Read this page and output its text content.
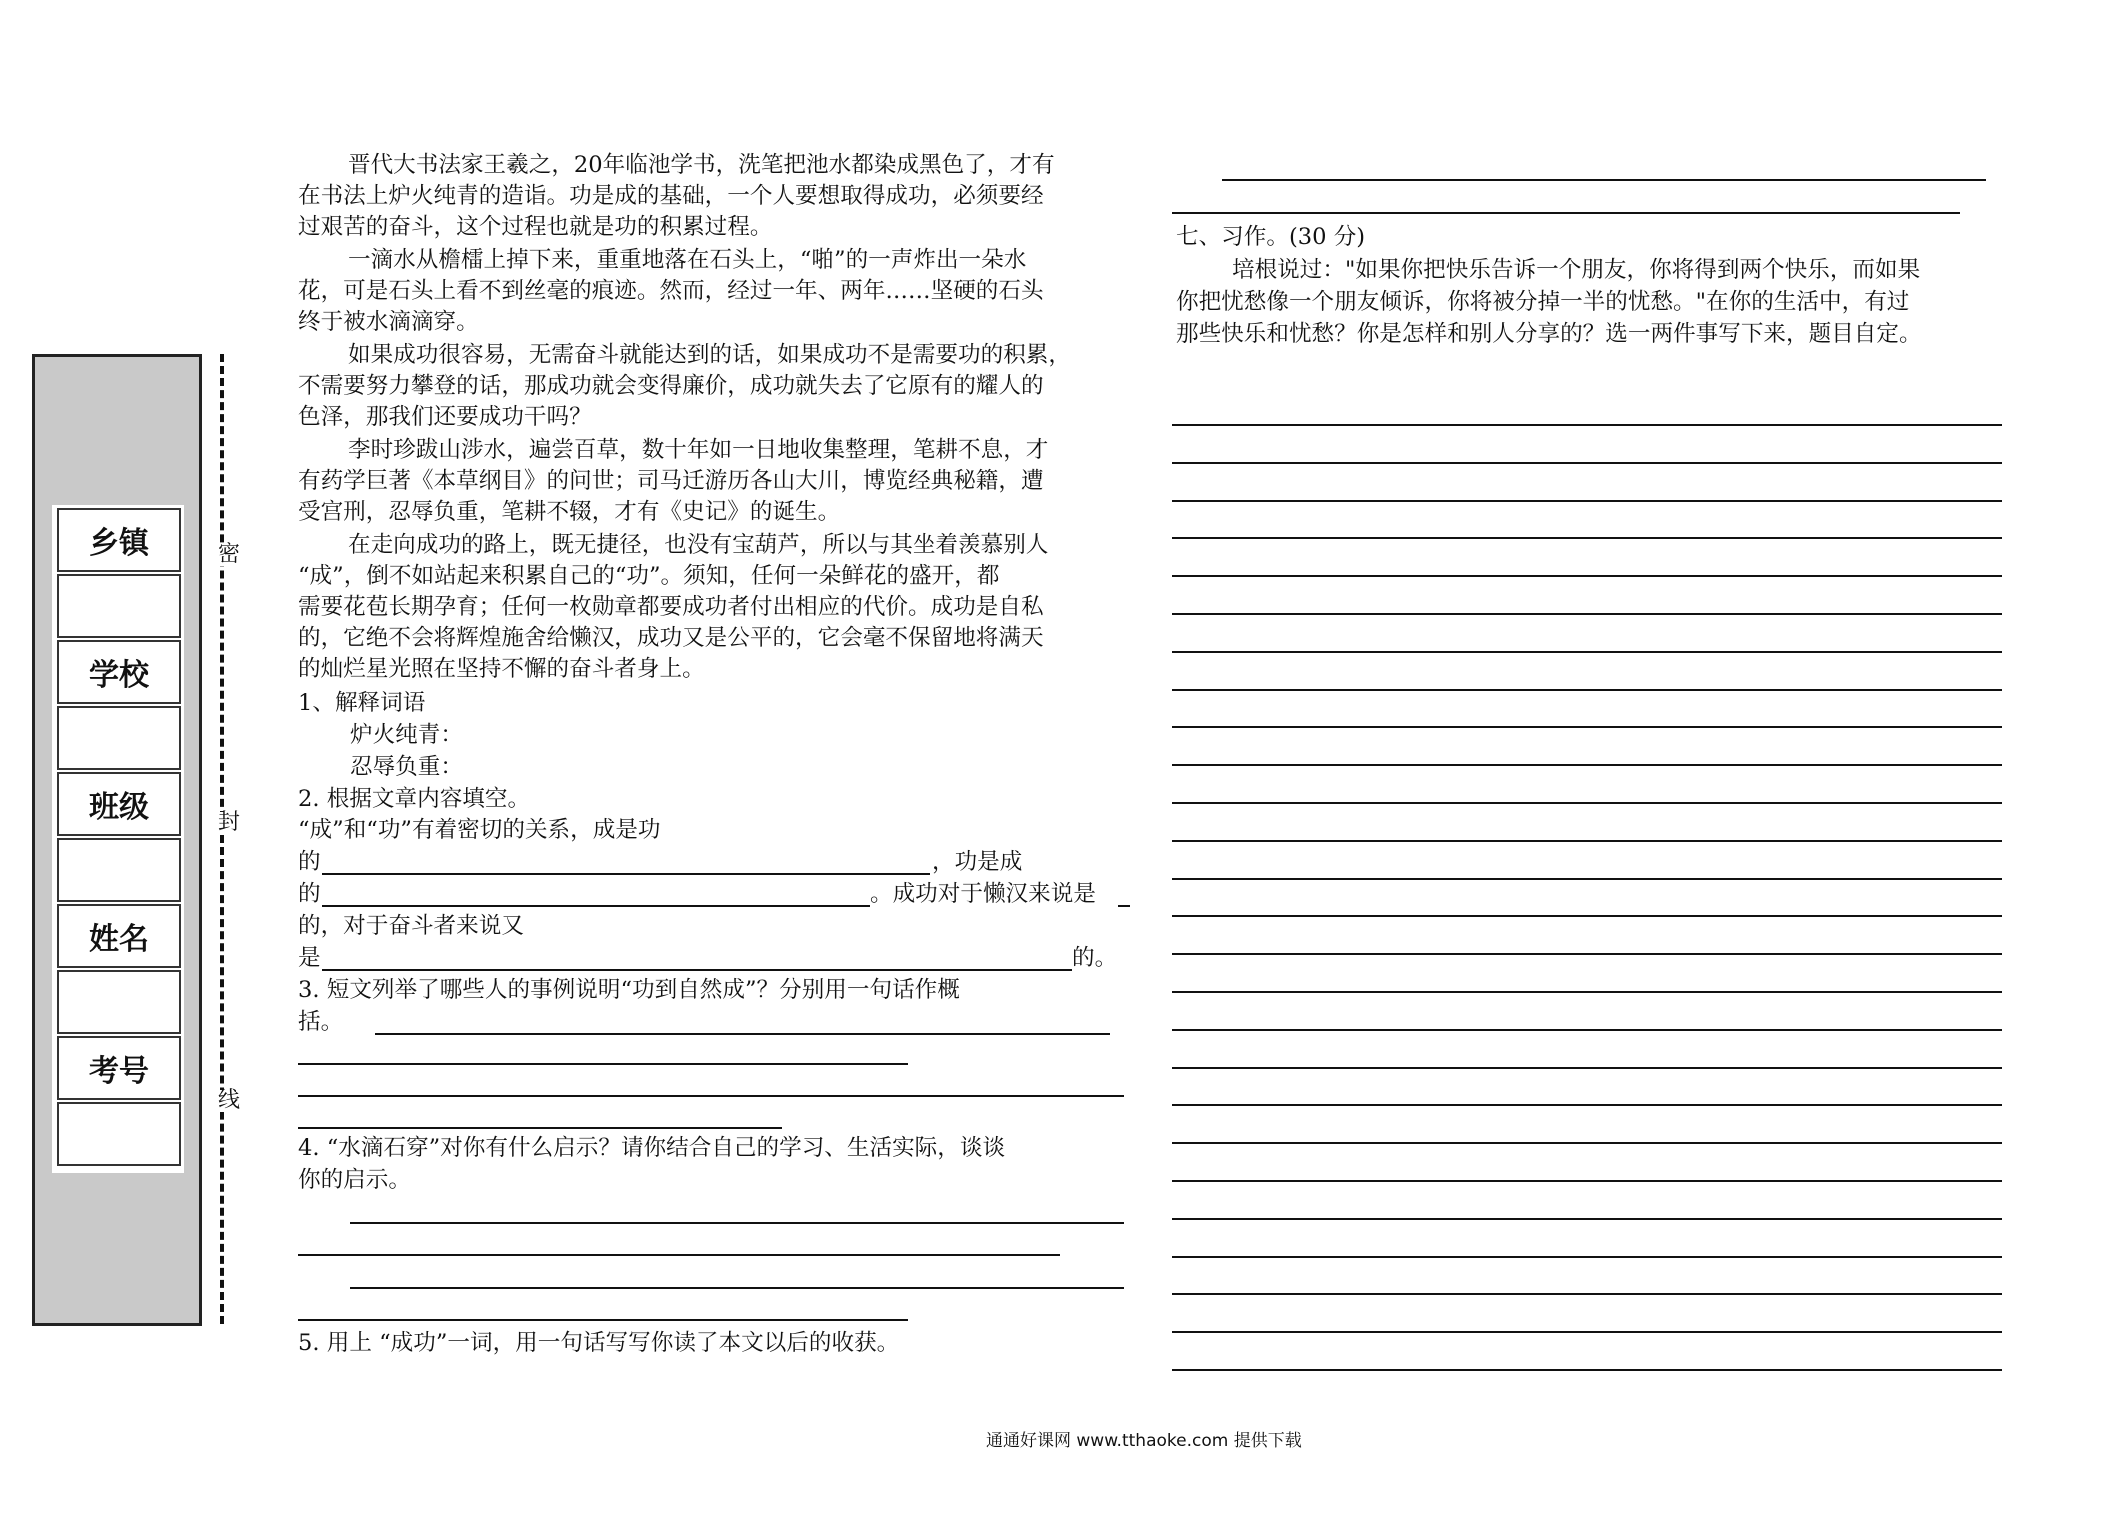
乡镇
学校
班级
姓名
考号
密
封
线
晋代大书法家王羲之，20年临池学书，洗笔把池水都染成黑色了，才有
在书法上炉火纯青的造诣。功是成的基础，一个人要想取得成功，必须要经
过艰苦的奋斗，这个过程也就是功的积累过程。
一滴水从檐檑上掉下来，重重地落在石头上，“啪”的一声炸出一朵水
花，可是石头上看不到丝毫的痕迹。然而，经过一年、两年……坚硬的石头
终于被水滴滴穿。
如果成功很容易，无需奋斗就能达到的话，如果成功不是需要功的积累，
不需要努力攀登的话，那成功就会变得廉价，成功就失去了它原有的耀人的
色泽，那我们还要成功干吗？
李时珍跋山涉水，遍尝百草，数十年如一日地收集整理，笔耕不息，才
有药学巨著《本草纲目》的问世；司马迁游历各山大川，博览经典秘籍，遭
受宫刑，忍辱负重，笔耕不辍，才有《史记》的诞生。
在走向成功的路上，既无捷径，也没有宝葫芦，所以与其坐着羡慕别人
“成”，倒不如站起来积累自己的“功”。须知，任何一朵鲜花的盛开，都
需要花苞长期孕育；任何一枚勋章都要成功者付出相应的代价。成功是自私
的，它绝不会将辉煌施舍给懒汉，成功又是公平的，它会毫不保留地将满天
的灿烂星光照在坚持不懈的奋斗者身上。
1、解释词语
炉火纯青：
忍辱负重：
2. 根据文章内容填空。
“成”和“功”有着密切的关系，成是功
的	，功是成
的	。成功对于懒汉来说是
的，对于奋斗者来说又
是	的。
3. 短文列举了哪些人的事例说明“功到自然成”？分别用一句话作概
括。
4. “水滴石穿”对你有什么启示？请你结合自己的学习、生活实际，谈谈
你的启示。
5. 用上 “成功”一词，用一句话写写你读了本文以后的收获。
七、习作。(30 分)
培根说过："如果你把快乐告诉一个朋友，你将得到两个快乐，而如果
你把忧愁像一个朋友倾诉，你将被分掉一半的忧愁。"在你的生活中，有过
那些快乐和忧愁？你是怎样和别人分享的？选一两件事写下来，题目自定。
通通好课网 www.tthaoke.com 提供下载
